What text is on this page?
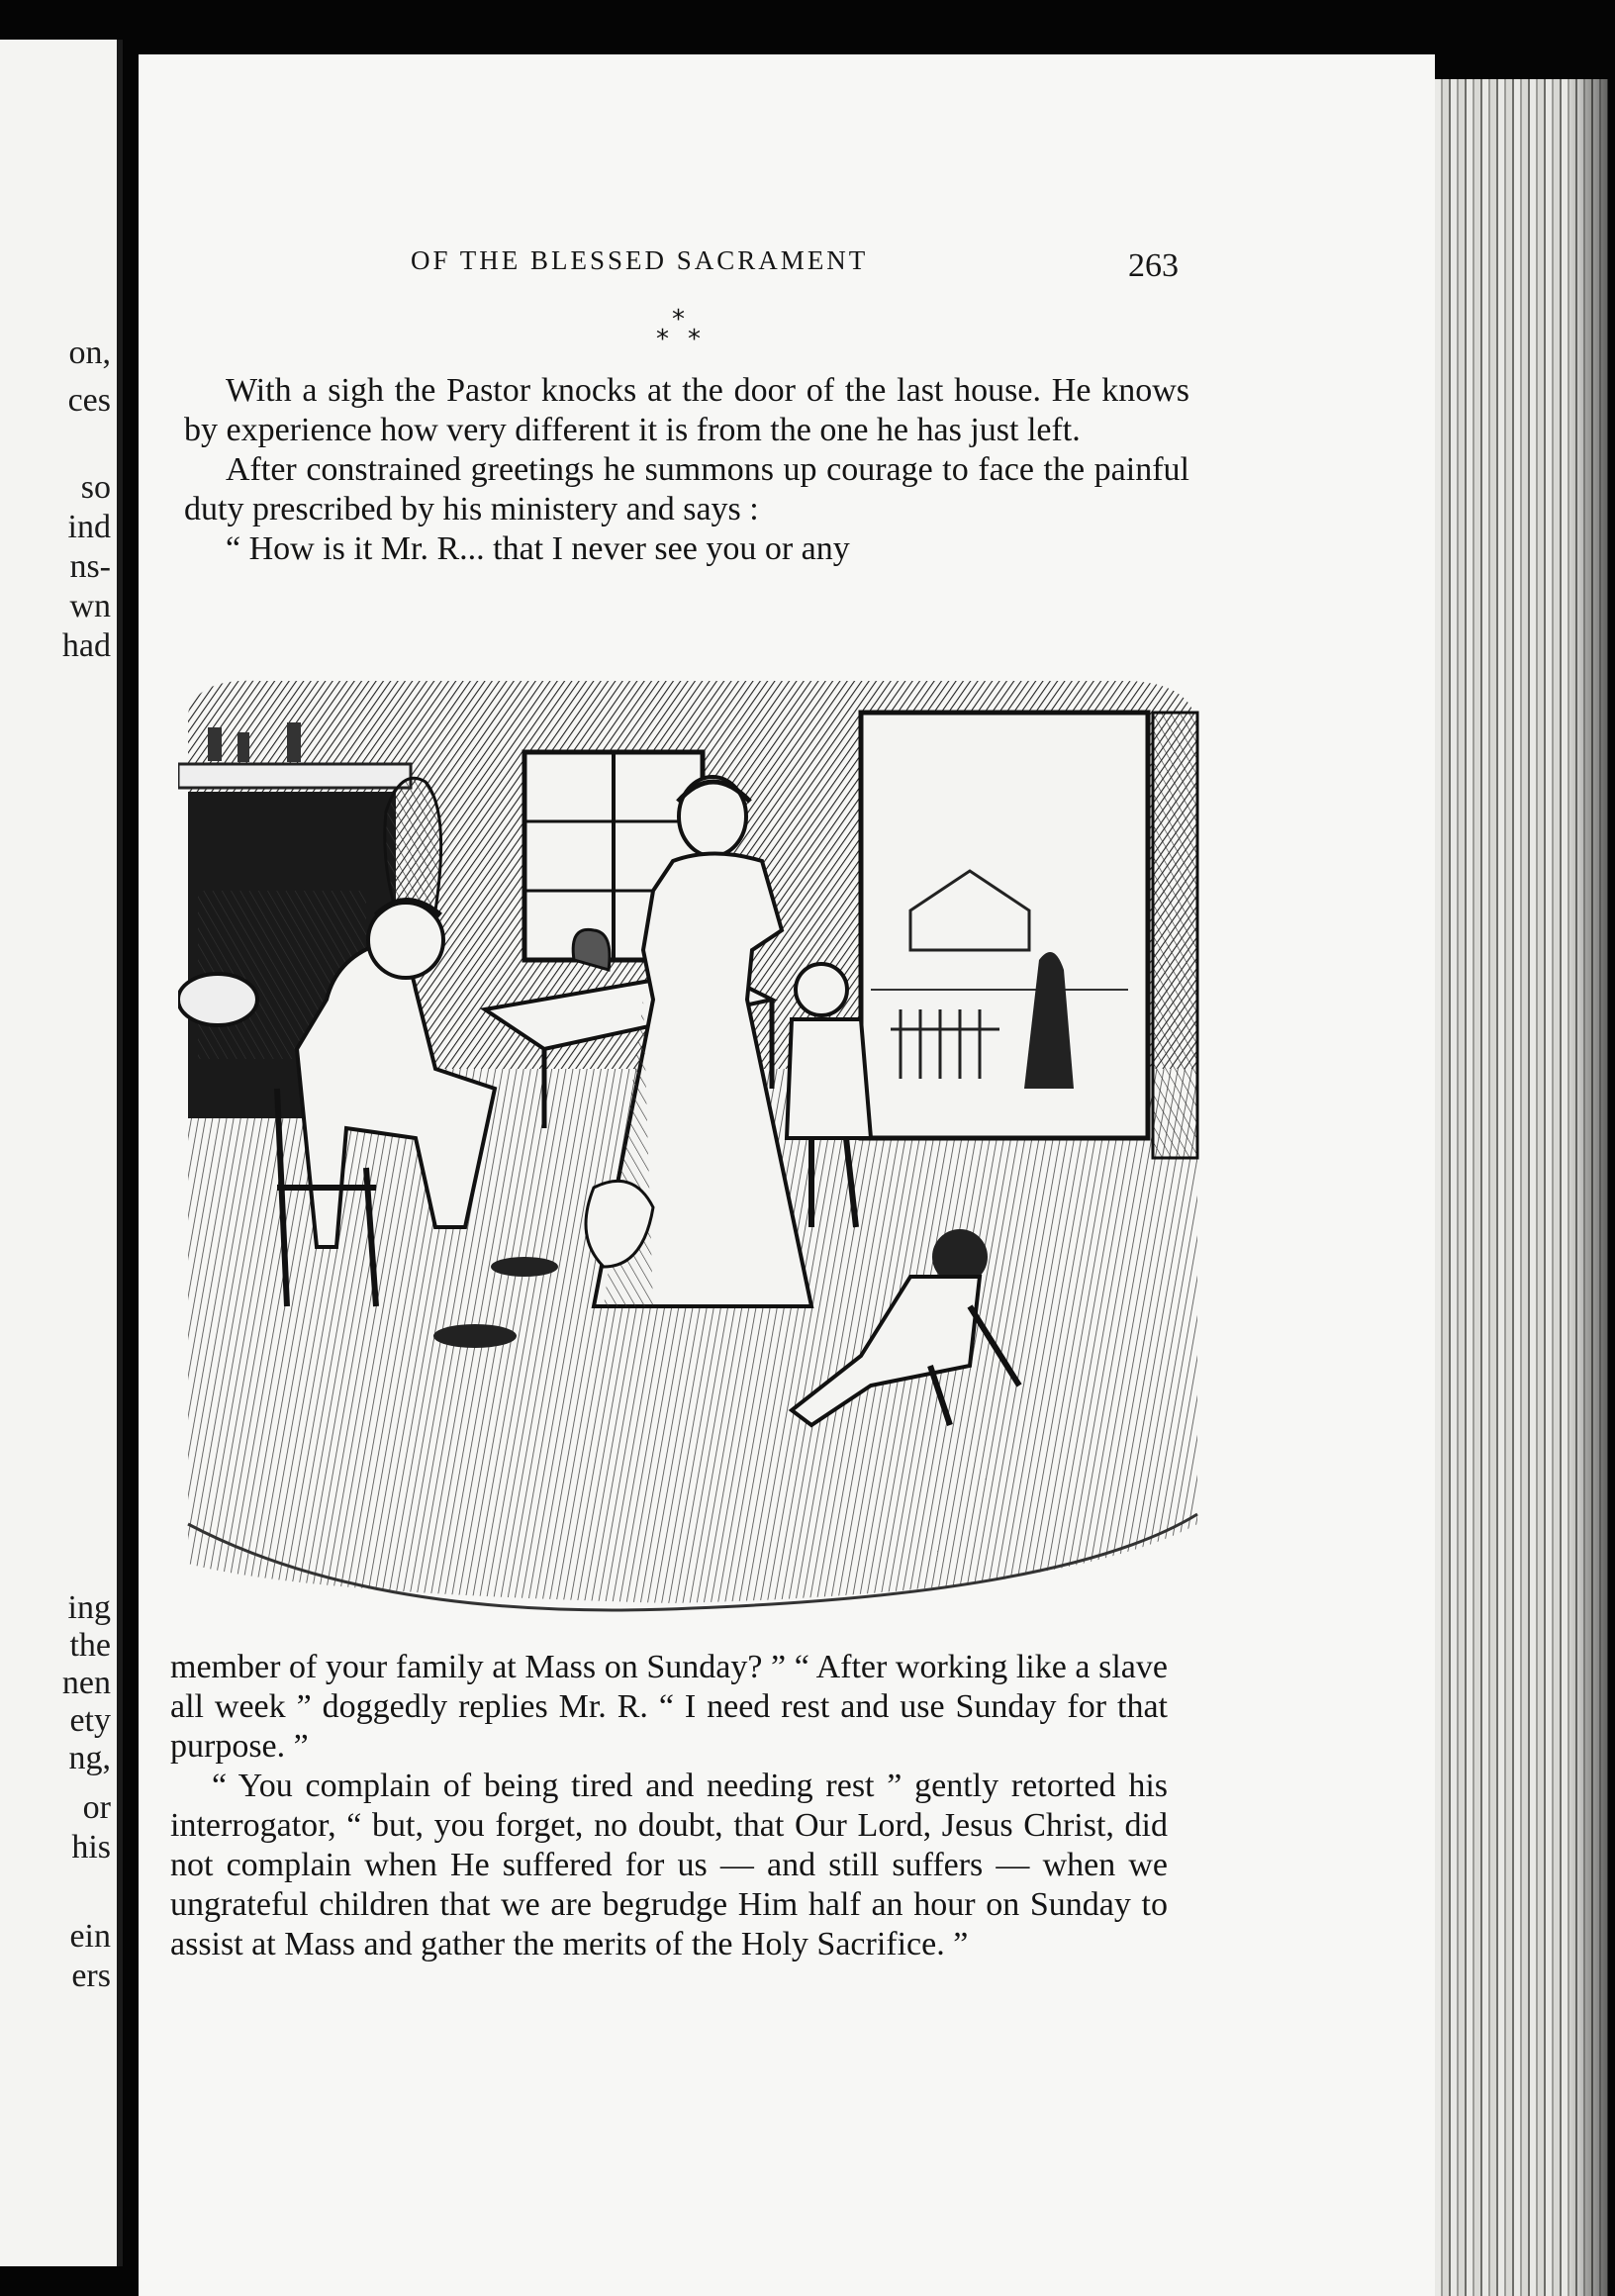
on,
ces
so
ind
ns-
wn
had
ing
the
nen
ety
ng,
or
his
ein
ers
OF THE BLESSED SACRAMENT	263
*
* *

With a sigh the Pastor knocks at the door of the last house. He knows by experience how very different it is from the one he has just left.

After constrained greetings he summons up courage to face the painful duty prescribed by his ministery and says :

“ How is it Mr. R... that I never see you or any

member of your family at Mass on Sunday? ” “ After working like a slave all week ” doggedly replies Mr. R. “ I need rest and use Sunday for that purpose. ”

“ You complain of being tired and needing rest ” gently retorted his interrogator, “ but, you forget, no doubt, that Our Lord, Jesus Christ, did not complain when He suffered for us — and still suffers — when we ungrateful children that we are begrudge Him half an hour on Sunday to assist at Mass and gather the merits of the Holy Sacrifice. ”
